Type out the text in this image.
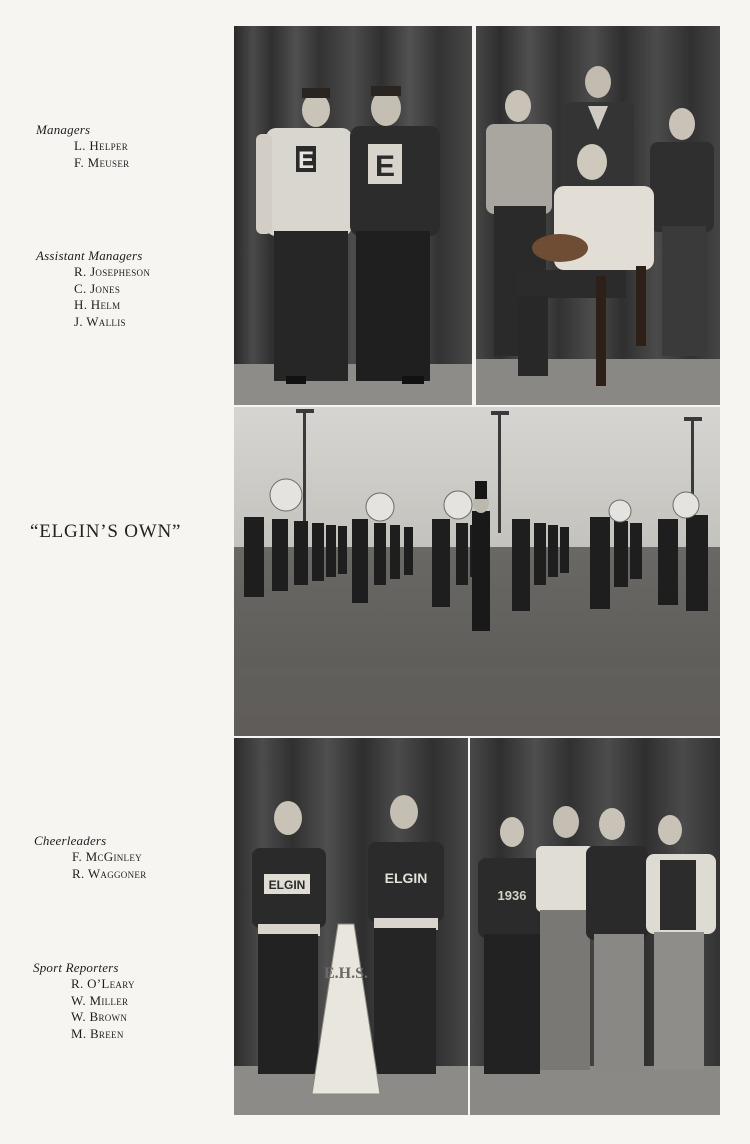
Managers
L. Helper
F. Meuser
Assistant Managers
R. Josepheson
C. Jones
H. Helm
J. Wallis
“ELGIN’S OWN”
Cheerleaders
F. McGinley
R. Waggoner
Sport Reporters
R. O’Leary
W. Miller
W. Brown
M. Breen
E E
ELGIN	ELGIN
E.H.S.
1936
